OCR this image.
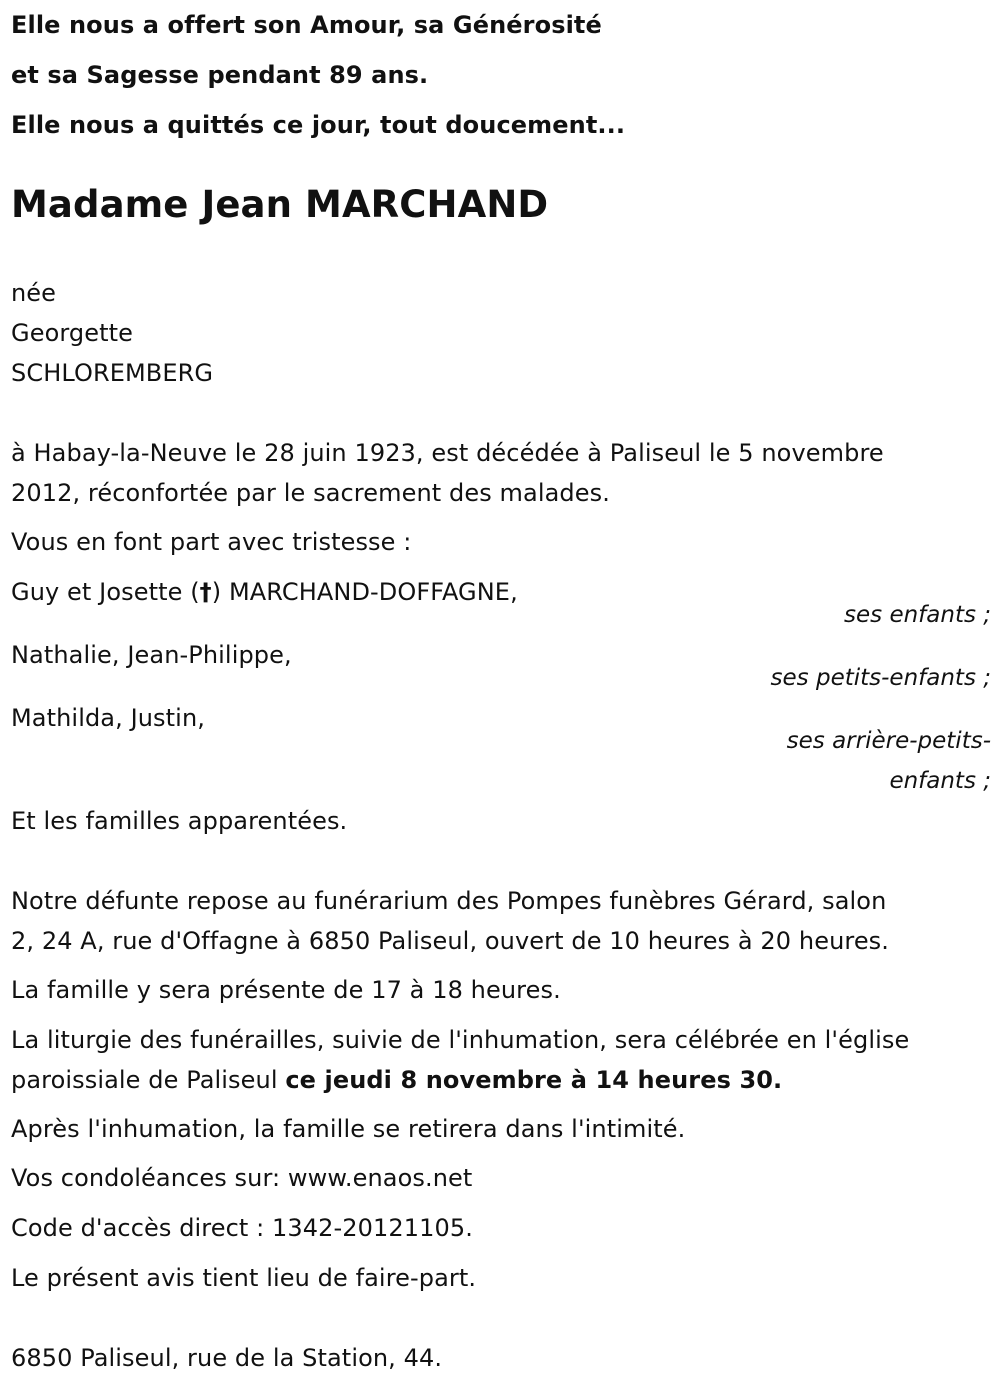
Elle nous a offert son Amour, sa Générosité
et sa Sagesse pendant 89 ans.
Elle nous a quittés ce jour, tout doucement...
Madame Jean MARCHAND
née
Georgette
SCHLOREMBERG
à Habay-la-Neuve le 28 juin 1923, est décédée à Paliseul le 5 novembre
2012, réconfortée par le sacrement des malades.
Vous en font part avec tristesse :
Guy et Josette (†) MARCHAND-DOFFAGNE,
ses enfants ;
Nathalie, Jean-Philippe,
ses petits-enfants ;
Mathilda, Justin,
ses arrière-petits-
enfants ;
Et les familles apparentées.
Notre défunte repose au funérarium des Pompes funèbres Gérard, salon
2, 24 A, rue d'Offagne à 6850 Paliseul, ouvert de 10 heures à 20 heures.
La famille y sera présente de 17 à 18 heures.
La liturgie des funérailles, suivie de l'inhumation, sera célébrée en l'église
paroissiale de Paliseul ce jeudi 8 novembre à 14 heures 30.
Après l'inhumation, la famille se retirera dans l'intimité.
Vos condoléances sur: www.enaos.net
Code d'accès direct : 1342-20121105.
Le présent avis tient lieu de faire-part.
6850 Paliseul, rue de la Station, 44.
